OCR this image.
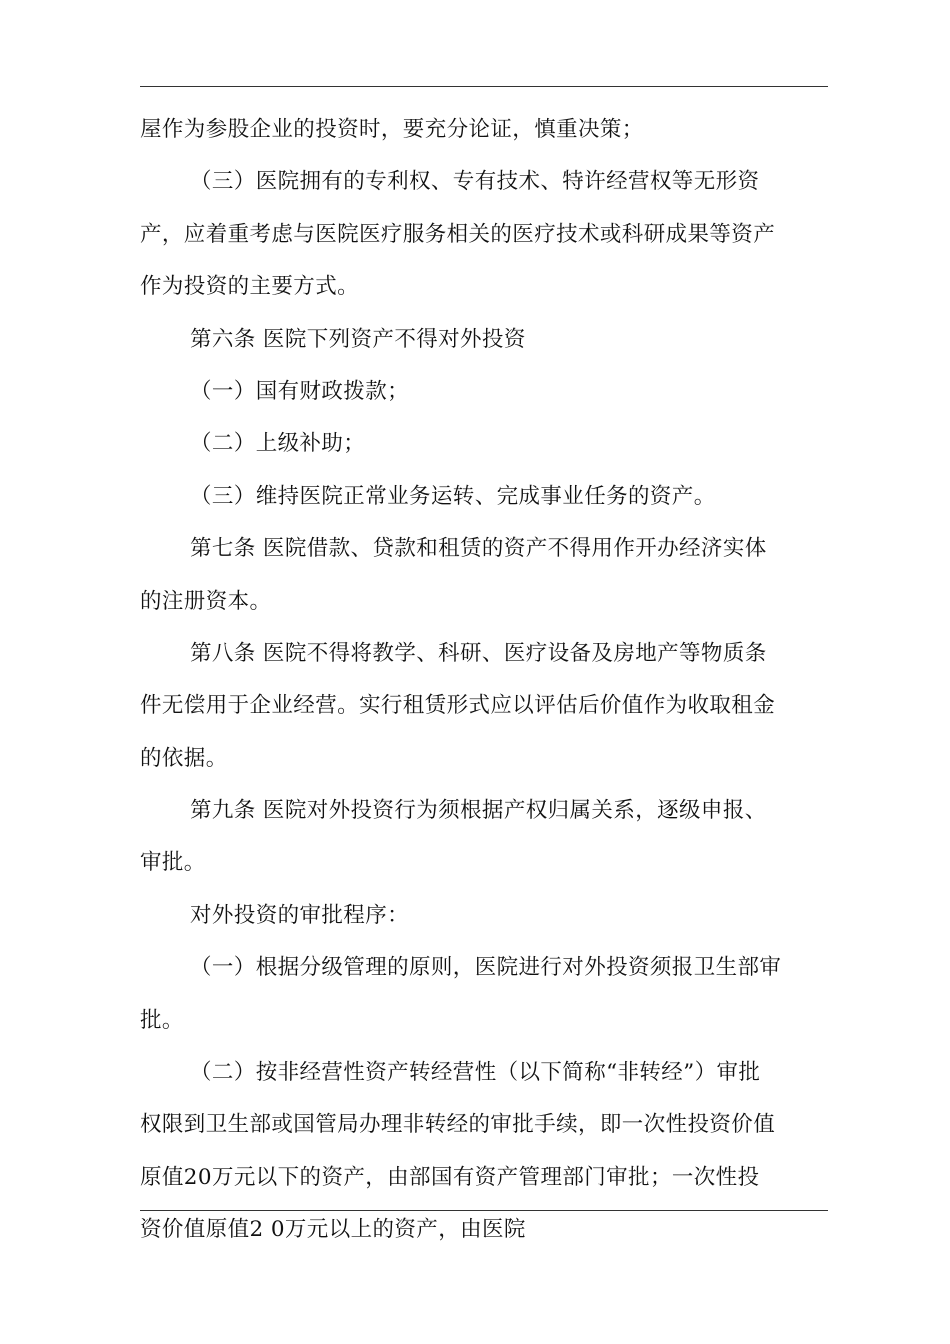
屋作为参股企业的投资时，要充分论证，慎重决策；
（三）医院拥有的专利权、专有技术、特许经营权等无形资
产，应着重考虑与医院医疗服务相关的医疗技术或科研成果等资产
作为投资的主要方式。
第六条 医院下列资产不得对外投资
（一）国有财政拨款；
（二）上级补助；
（三）维持医院正常业务运转、完成事业任务的资产。
第七条 医院借款、贷款和租赁的资产不得用作开办经济实体
的注册资本。
第八条 医院不得将教学、科研、医疗设备及房地产等物质条
件无偿用于企业经营。实行租赁形式应以评估后价值作为收取租金
的依据。
第九条 医院对外投资行为须根据产权归属关系，逐级申报、
审批。
对外投资的审批程序：
（一）根据分级管理的原则，医院进行对外投资须报卫生部审
批。
（二）按非经营性资产转经营性（以下简称“非转经”）审批
权限到卫生部或国管局办理非转经的审批手续，即一次性投资价值
原值20万元以下的资产，由部国有资产管理部门审批；一次性投
资价值原值2 0万元以上的资产，由医院
